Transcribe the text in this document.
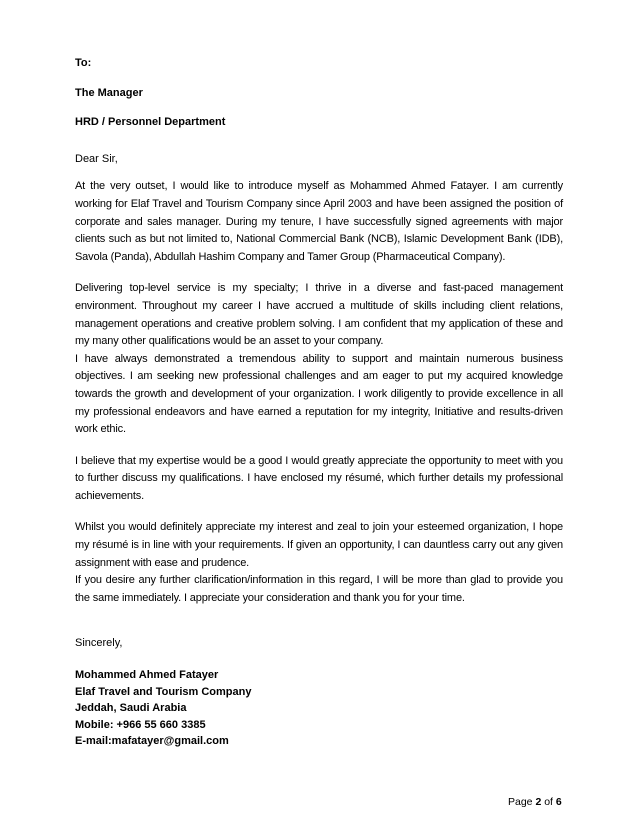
To:
The Manager
HRD / Personnel Department
Dear Sir,

At the very outset, I would like to introduce myself as Mohammed Ahmed Fatayer. I am currently working for Elaf Travel and Tourism Company since April 2003 and have been assigned the position of corporate and sales manager. During my tenure, I have successfully signed agreements with major clients such as but not limited to, National Commercial Bank (NCB), Islamic Development Bank (IDB), Savola (Panda), Abdullah Hashim Company and Tamer Group (Pharmaceutical Company).

Delivering top-level service is my specialty; I thrive in a diverse and fast-paced management environment. Throughout my career I have accrued a multitude of skills including client relations, management operations and creative problem solving. I am confident that my application of these and my many other qualifications would be an asset to your company.

I have always demonstrated a tremendous ability to support and maintain numerous business objectives. I am seeking new professional challenges and am eager to put my acquired knowledge towards the growth and development of your organization. I work diligently to provide excellence in all my professional endeavors and have earned a reputation for my integrity, Initiative and results-driven work ethic.

I believe that my expertise would be a good I would greatly appreciate the opportunity to meet with you to further discuss my qualifications. I have enclosed my résumé, which further details my professional achievements.

Whilst you would definitely appreciate my interest and zeal to join your esteemed organization, I hope my résumé is in line with your requirements. If given an opportunity, I can dauntless carry out any given assignment with ease and prudence.

If you desire any further clarification/information in this regard, I will be more than glad to provide you the same immediately. I appreciate your consideration and thank you for your time.

Sincerely,
Mohammed Ahmed Fatayer
Elaf Travel and Tourism Company
Jeddah, Saudi Arabia
Mobile: +966 55 660 3385
E-mail:mafatayer@gmail.com
Page 2 of 6
